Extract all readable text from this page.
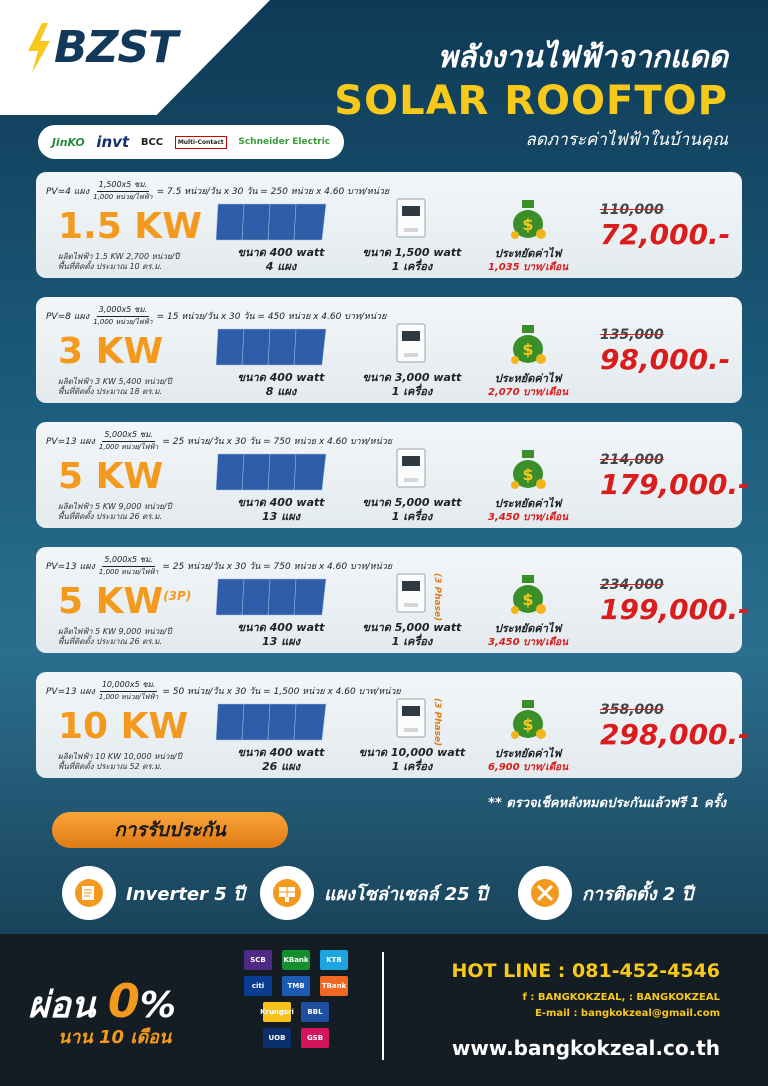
BZST	พลังงานไฟฟ้าจากแดด
SOLAR ROOFTOP
ลดภาระค่าไฟฟ้าในบ้านคุณ
JinKO invt BCC	Multi-Contact	Schneider Electric
PV=4 แผง $\frac{\text{1,500x5 ชม.}}{\text{1,000 หน่วย/ไฟฟ้า}} = 7.5$ หน่วย/วัน x 30 วัน = 250 หน่วย x 4.60 บาท/หน่วย
1.5 KW
ผลิตไฟฟ้า 1.5 KW 2,700 หน่วย/ปี
พื้นที่ติดตั้ง ประมาณ 10 ตร.ม.
ขนาด 400 watt
4 แผง
ขนาด 1,500 watt
1 เครื่อง
$
ประหยัดค่าไฟ
1,035 บาท/เดือน
110,000
72,000.-
PV=8 แผง $\frac{\text{3,000x5 ชม.}}{\text{1,000 หน่วย/ไฟฟ้า}} = 15$ หน่วย/วัน x 30 วัน = 450 หน่วย x 4.60 บาท/หน่วย
3 KW
ผลิตไฟฟ้า 3 KW 5,400 หน่วย/ปี
พื้นที่ติดตั้ง ประมาณ 18 ตร.ม.
ขนาด 400 watt
8 แผง
ขนาด 3,000 watt
1 เครื่อง
$
ประหยัดค่าไฟ
2,070 บาท/เดือน
135,000
98,000.-
PV=13 แผง $\frac{\text{5,000x5 ชม.}}{\text{1,000 หน่วย/ไฟฟ้า}} = 25$ หน่วย/วัน x 30 วัน = 750 หน่วย x 4.60 บาท/หน่วย
5 KW
ผลิตไฟฟ้า 5 KW 9,000 หน่วย/ปี
พื้นที่ติดตั้ง ประมาณ 26 ตร.ม.
ขนาด 400 watt
13 แผง
ขนาด 5,000 watt
1 เครื่อง
$
ประหยัดค่าไฟ
3,450 บาท/เดือน
214,000
179,000.-
PV=13 แผง $\frac{\text{5,000x5 ชม.}}{\text{1,000 หน่วย/ไฟฟ้า}} = 25$ หน่วย/วัน x 30 วัน = 750 หน่วย x 4.60 บาท/หน่วย
5 $KW^{(3P)}$
ผลิตไฟฟ้า 5 KW 9,000 หน่วย/ปี
พื้นที่ติดตั้ง ประมาณ 26 ตร.ม.
ขนาด 400 watt
13 แผง
(3 Phase)
ขนาด 5,000 watt
1 เครื่อง
$
ประหยัดค่าไฟ
3,450 บาท/เดือน
234,000
199,000.-
PV=13 แผง $\frac{\text{10,000x5 ชม.}}{\text{1,000 หน่วย/ไฟฟ้า}} = 50$ หน่วย/วัน x 30 วัน = 1,500 หน่วย x 4.60 บาท/หน่วย
10 KW
ผลิตไฟฟ้า 10 KW 10,000 หน่วย/ปี
พื้นที่ติดตั้ง ประมาณ 52 ตร.ม.
ขนาด 400 watt
26 แผง
(3 Phase)
ขนาด 10,000 watt
1 เครื่อง
$
ประหยัดค่าไฟ
6,900 บาท/เดือน
358,000
298,000.-
** ตรวจเช็คหลังหมดประกันแล้วฟรี 1 ครั้ง
การรับประกัน
Inverter 5 ปี	แผงโซล่าเซลล์ 25 ปี	การติดตั้ง 2 ปี
ผ่อน 0%
นาน 10 เดือน
SCB	KBank	KTB
citi	TMB	TBank
Krungsri	BBL
UOB	GSB
HOT LINE : 081-452-4546
f : BANGKOKZEAL, : BANGKOKZEAL
E-mail : bangkokzeal@gmail.com
www.bangkokzeal.co.th
